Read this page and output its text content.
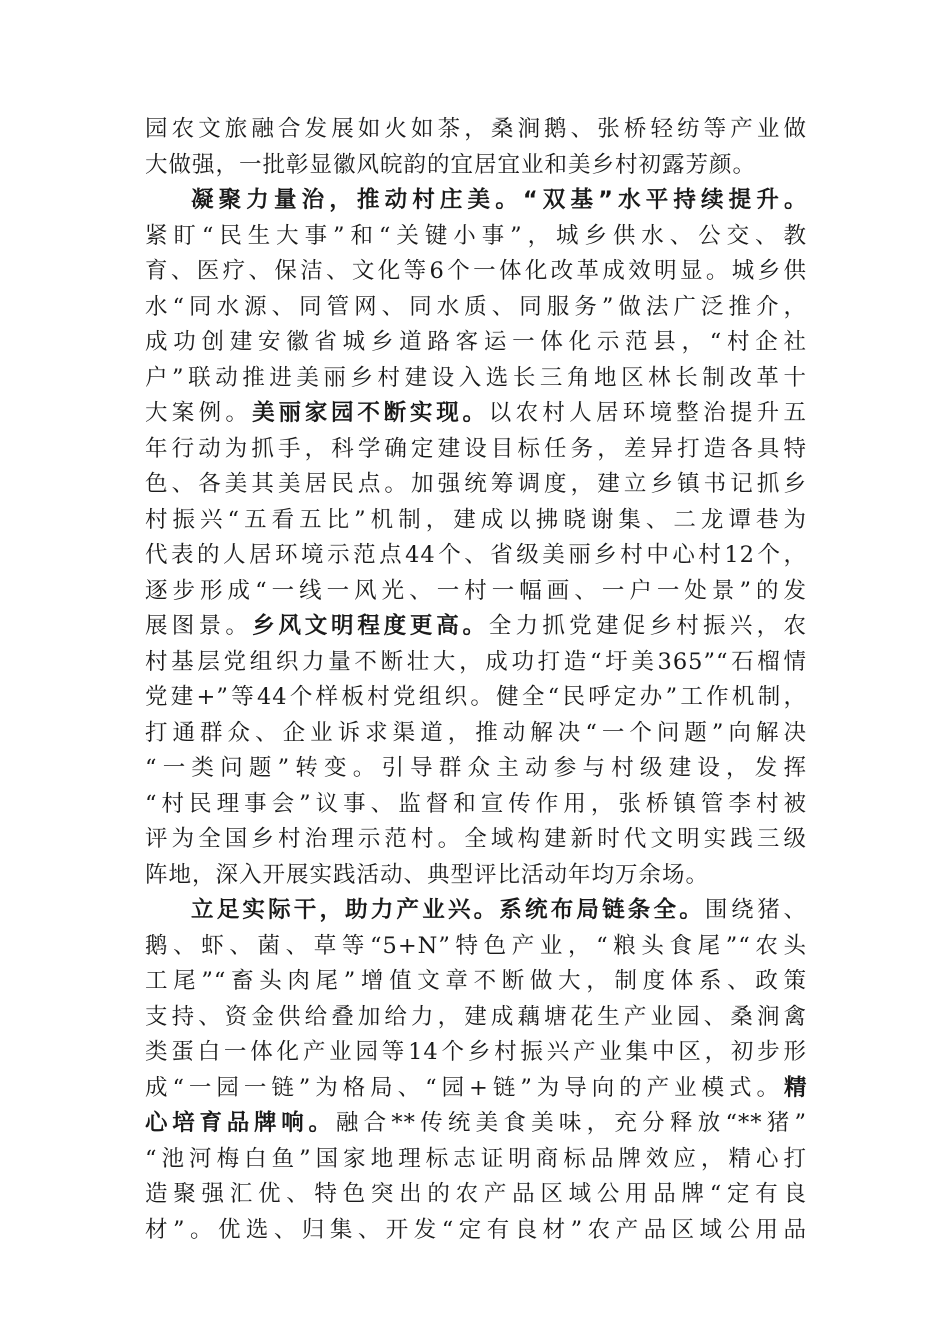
园农文旅融合发展如火如茶，桑涧鹅、张桥轻纺等产业做
大做强，一批彰显徽风皖韵的宜居宜业和美乡村初露芳颜。
凝聚力量治，推动村庄美。“双基”水平持续提升。
紧盯“民生大事”和“关键小事”，城乡供水、公交、教
育、医疗、保洁、文化等6个一体化改革成效明显。城乡供
水“同水源、同管网、同水质、同服务”做法广泛推介，
成功创建安徽省城乡道路客运一体化示范县，“村企社
户”联动推进美丽乡村建设入选长三角地区林长制改革十
大案例。美丽家园不断实现。以农村人居环境整治提升五
年行动为抓手，科学确定建设目标任务，差异打造各具特
色、各美其美居民点。加强统筹调度，建立乡镇书记抓乡
村振兴“五看五比”机制，建成以拂晓谢集、二龙谭巷为
代表的人居环境示范点44个、省级美丽乡村中心村12个，
逐步形成“一线一风光、一村一幅画、一户一处景”的发
展图景。乡风文明程度更高。全力抓党建促乡村振兴，农
村基层党组织力量不断壮大，成功打造“圩美365”“石榴情
党建+”等44个样板村党组织。健全“民呼定办”工作机制，
打通群众、企业诉求渠道，推动解决“一个问题”向解决
“一类问题”转变。引导群众主动参与村级建设，发挥
“村民理事会”议事、监督和宣传作用，张桥镇管李村被
评为全国乡村治理示范村。全域构建新时代文明实践三级
阵地，深入开展实践活动、典型评比活动年均万余场。
立足实际干，助力产业兴。系统布局链条全。围绕猪、
鹅、虾、菌、草等“5+N”特色产业，“粮头食尾”“农头
工尾”“畜头肉尾”增值文章不断做大，制度体系、政策
支持、资金供给叠加给力，建成藕塘花生产业园、桑涧禽
类蛋白一体化产业园等14个乡村振兴产业集中区，初步形
成“一园一链”为格局、“园+链”为导向的产业模式。精
心培育品牌响。融合**传统美食美味，充分释放“**猪”
“池河梅白鱼”国家地理标志证明商标品牌效应，精心打
造聚强汇优、特色突出的农产品区域公用品牌“定有良
材”。优选、归集、开发“定有良材”农产品区域公用品
